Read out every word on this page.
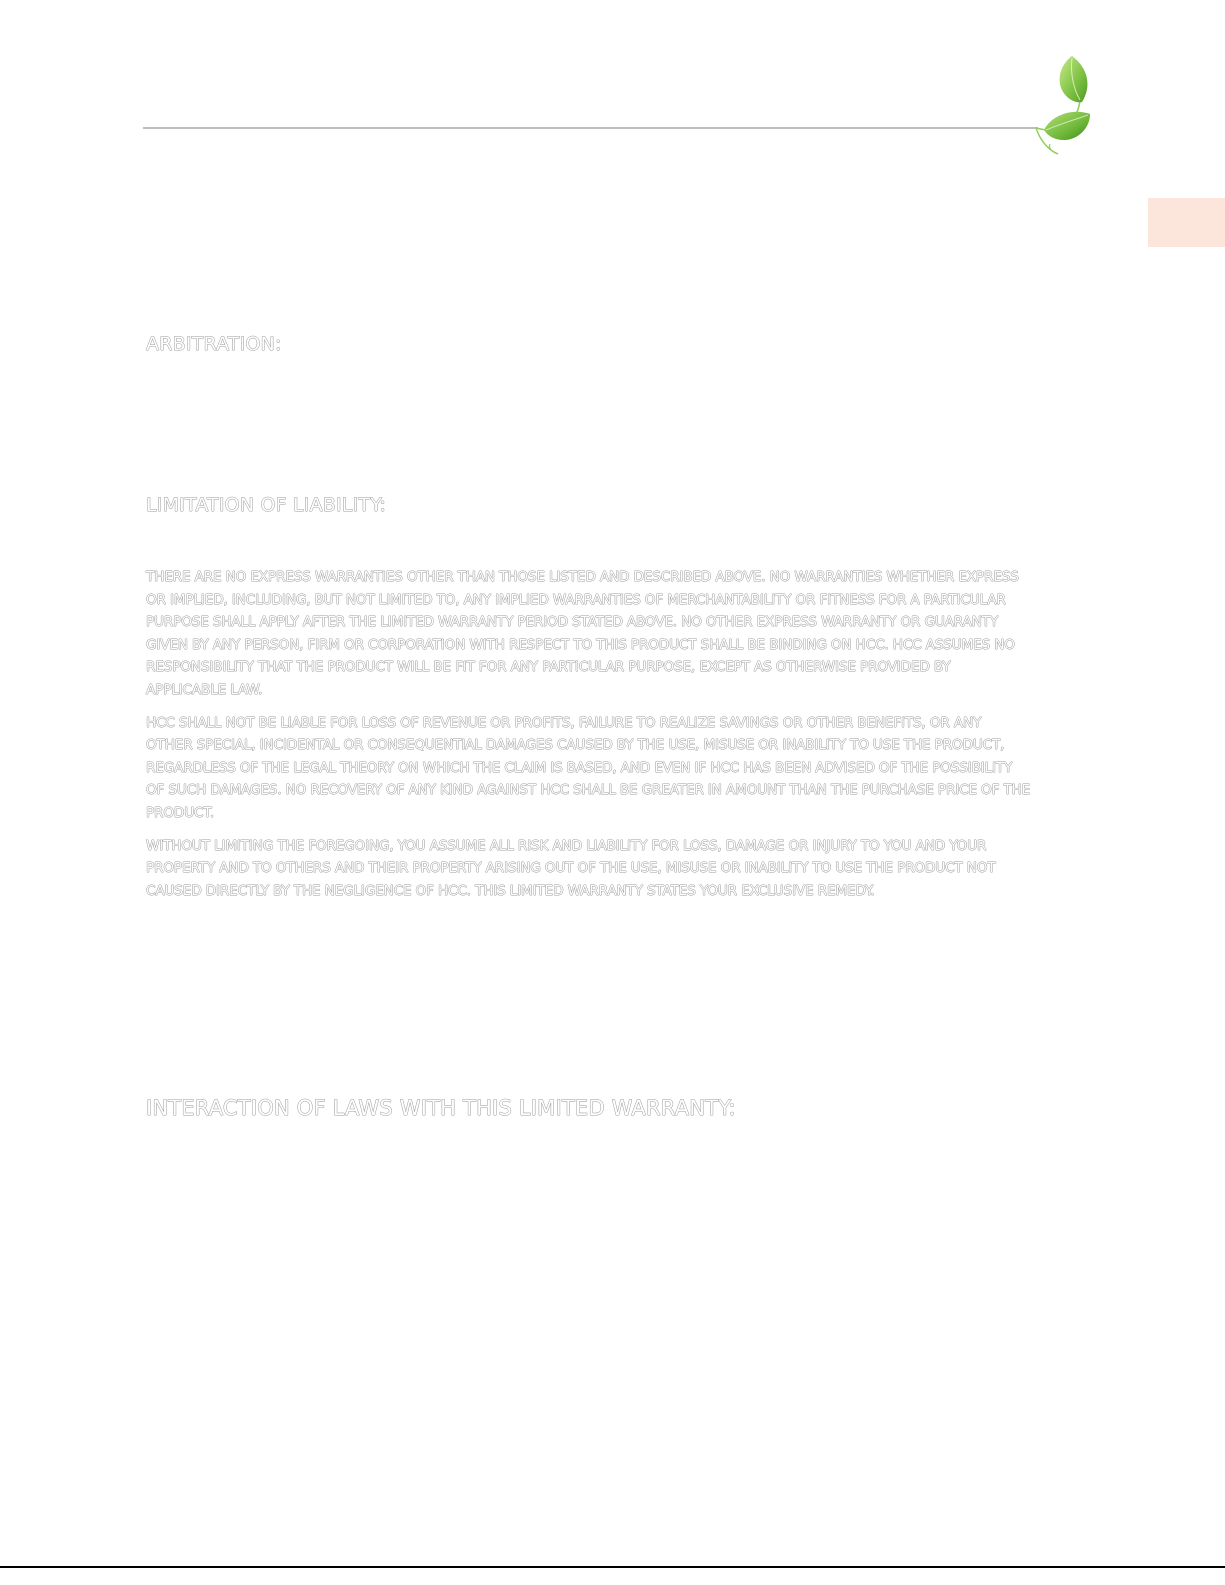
ARBITRATION:
LIMITATION OF LIABILITY:

THERE ARE NO EXPRESS WARRANTIES OTHER THAN THOSE LISTED AND DESCRIBED ABOVE. NO WARRANTIES WHETHER EXPRESS OR IMPLIED, INCLUDING, BUT NOT LIMITED TO, ANY IMPLIED WARRANTIES OF MERCHANTABILITY OR FITNESS FOR A PARTICULAR PURPOSE SHALL APPLY AFTER THE LIMITED WARRANTY PERIOD STATED ABOVE. NO OTHER EXPRESS WARRANTY OR GUARANTY GIVEN BY ANY PERSON, FIRM OR CORPORATION WITH RESPECT TO THIS PRODUCT SHALL BE BINDING ON HCC. HCC ASSUMES NO RESPONSIBILITY THAT THE PRODUCT WILL BE FIT FOR ANY PARTICULAR PURPOSE, EXCEPT AS OTHERWISE PROVIDED BY APPLICABLE LAW.

HCC SHALL NOT BE LIABLE FOR LOSS OF REVENUE OR PROFITS, FAILURE TO REALIZE SAVINGS OR OTHER BENEFITS, OR ANY OTHER SPECIAL, INCIDENTAL OR CONSEQUENTIAL DAMAGES CAUSED BY THE USE, MISUSE OR INABILITY TO USE THE PRODUCT, REGARDLESS OF THE LEGAL THEORY ON WHICH THE CLAIM IS BASED, AND EVEN IF HCC HAS BEEN ADVISED OF THE POSSIBILITY OF SUCH DAMAGES. NO RECOVERY OF ANY KIND AGAINST HCC SHALL BE GREATER IN AMOUNT THAN THE PURCHASE PRICE OF THE PRODUCT.

WITHOUT LIMITING THE FOREGOING, YOU ASSUME ALL RISK AND LIABILITY FOR LOSS, DAMAGE OR INJURY TO YOU AND YOUR PROPERTY AND TO OTHERS AND THEIR PROPERTY ARISING OUT OF THE USE, MISUSE OR INABILITY TO USE THE PRODUCT NOT CAUSED DIRECTLY BY THE NEGLIGENCE OF HCC. THIS LIMITED WARRANTY STATES YOUR EXCLUSIVE REMEDY.

INTERACTION OF LAWS WITH THIS LIMITED WARRANTY:
